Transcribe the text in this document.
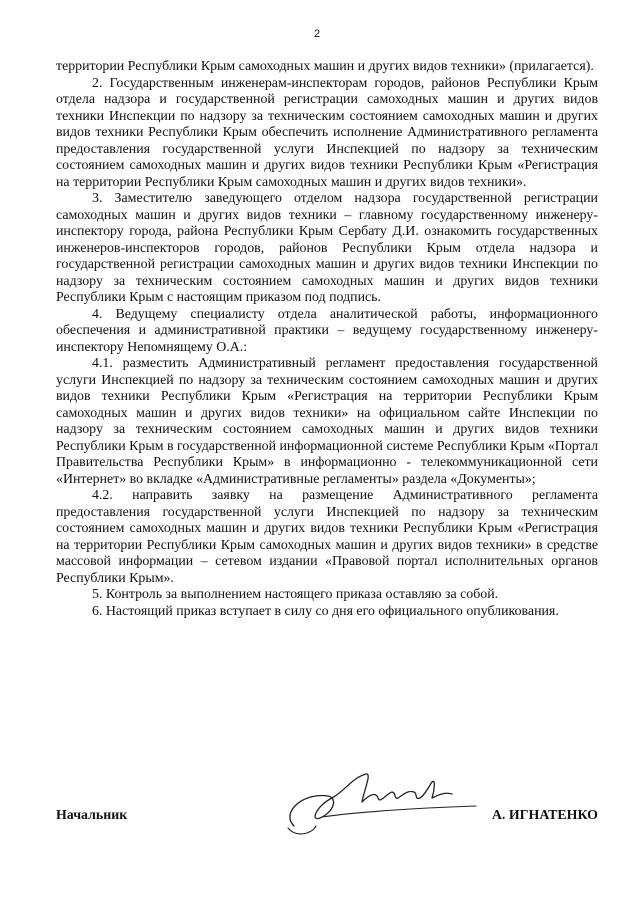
2

территории Республики Крым самоходных машин и других видов техники» (прилагается).

2. Государственным инженерам-инспекторам городов, районов Республики Крым отдела надзора и государственной регистрации самоходных машин и других видов техники Инспекции по надзору за техническим состоянием самоходных машин и других видов техники Республики Крым обеспечить исполнение Административного регламента предоставления государственной услуги Инспекцией по надзору за техническим состоянием самоходных машин и других видов техники Республики Крым «Регистрация на территории Республики Крым самоходных машин и других видов техники».

3. Заместителю заведующего отделом надзора государственной регистрации самоходных машин и других видов техники – главному государственному инженеру-инспектору города, района Республики Крым Сербату Д.И. ознакомить государственных инженеров-инспекторов городов, районов Республики Крым отдела надзора и государственной регистрации самоходных машин и других видов техники Инспекции по надзору за техническим состоянием самоходных машин и других видов техники Республики Крым с настоящим приказом под подпись.

4. Ведущему специалисту отдела аналитической работы, информационного обеспечения и административной практики – ведущему государственному инженеру-инспектору Непомнящему О.А.:

4.1. разместить Административный регламент предоставления государственной услуги Инспекцией по надзору за техническим состоянием самоходных машин и других видов техники Республики Крым «Регистрация на территории Республики Крым самоходных машин и других видов техники» на официальном сайте Инспекции по надзору за техническим состоянием самоходных машин и других видов техники Республики Крым в государственной информационной системе Республики Крым «Портал Правительства Республики Крым» в информационно - телекоммуникационной сети «Интернет» во вкладке «Административные регламенты» раздела «Документы»;

4.2. направить заявку на размещение Административного регламента предоставления государственной услуги Инспекцией по надзору за техническим состоянием самоходных машин и других видов техники Республики Крым «Регистрация на территории Республики Крым самоходных машин и других видов техники» в средстве массовой информации – сетевом издании «Правовой портал исполнительных органов Республики Крым».

5. Контроль за выполнением настоящего приказа оставляю за собой.

6. Настоящий приказ вступает в силу со дня его официального опубликования.

Начальник	А. ИГНАТЕНКО
